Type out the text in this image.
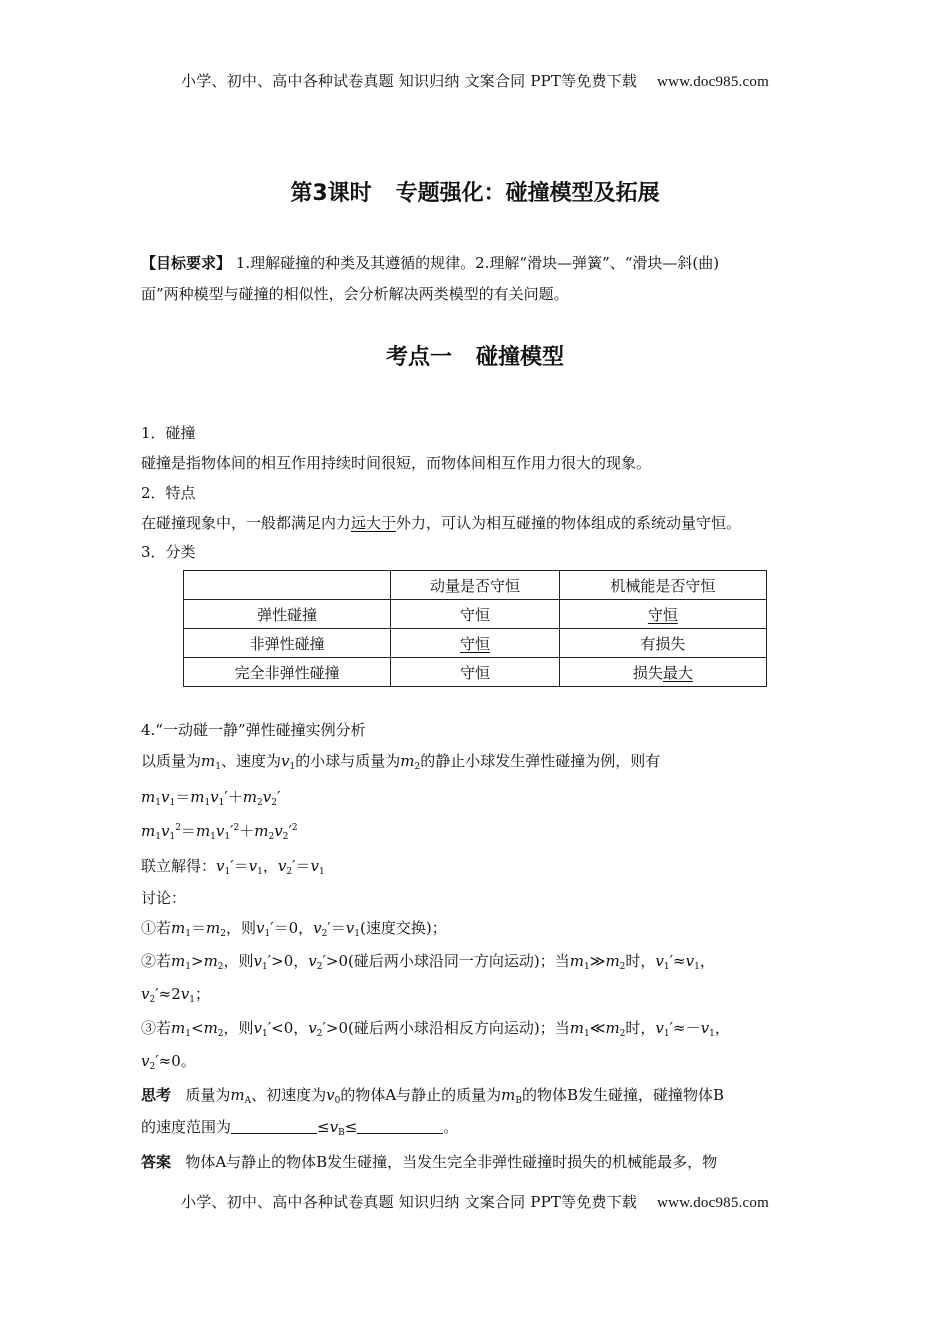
小学、初中、高中各种试卷真题 知识归纳 文案合同 PPT等免费下载 www.doc985.com
第3课时 专题强化：碰撞模型及拓展
【目标要求】 1.理解碰撞的种类及其遵循的规律。2.理解“滑块—弹簧”、“滑块—斜(曲)
面”两种模型与碰撞的相似性，会分析解决两类模型的有关问题。
考点一 碰撞模型
1．碰撞
碰撞是指物体间的相互作用持续时间很短，而物体间相互作用力很大的现象。
2．特点
在碰撞现象中，一般都满足内力远大于外力，可认为相互碰撞的物体组成的系统动量守恒。
3．分类
	动量是否守恒	机械能是否守恒
弹性碰撞	守恒	守恒
非弹性碰撞	守恒	有损失
完全非弹性碰撞	守恒	损失最大
4.“一动碰一静”弹性碰撞实例分析
以质量为$m_1$、速度为$v_1$的小球与质量为$m_2$的静止小球发生弹性碰撞为例，则有
$m_1v_1=m_1v_1'+m_2v_2'$
$m_1v_1^2=m_1v_1'^2+m_2v_2'^2$
联立解得：$v_1'=v_1$，$v_2'=v_1$
讨论：
①若$m_1=m_2$，则$v_1'=0$，$v_2'=v_1$(速度交换)；
②若$m_1>m_2$，则$v_1'>0$，$v_2'>0$(碰后两小球沿同一方向运动)；当$m_1≫m_2$时，$v_1'\approx v_1$，
$v_2'\approx 2v_1$；
③若$m_1<m_2$，则$v_1'<0$，$v_2'>0$(碰后两小球沿相反方向运动)；当$m_1≪m_2$时，$v_1'\approx-v_1$，
$v_2'\approx 0$。
思考 质量为$m_A$、初速度为$v_0$的物体A与静止的质量为$m_B$的物体B发生碰撞，碰撞物体B
的速度范围为	$\le v_B\le$	。
答案 物体A与静止的物体B发生碰撞，当发生完全非弹性碰撞时损失的机械能最多，物
小学、初中、高中各种试卷真题 知识归纳 文案合同 PPT等免费下载 www.doc985.com
